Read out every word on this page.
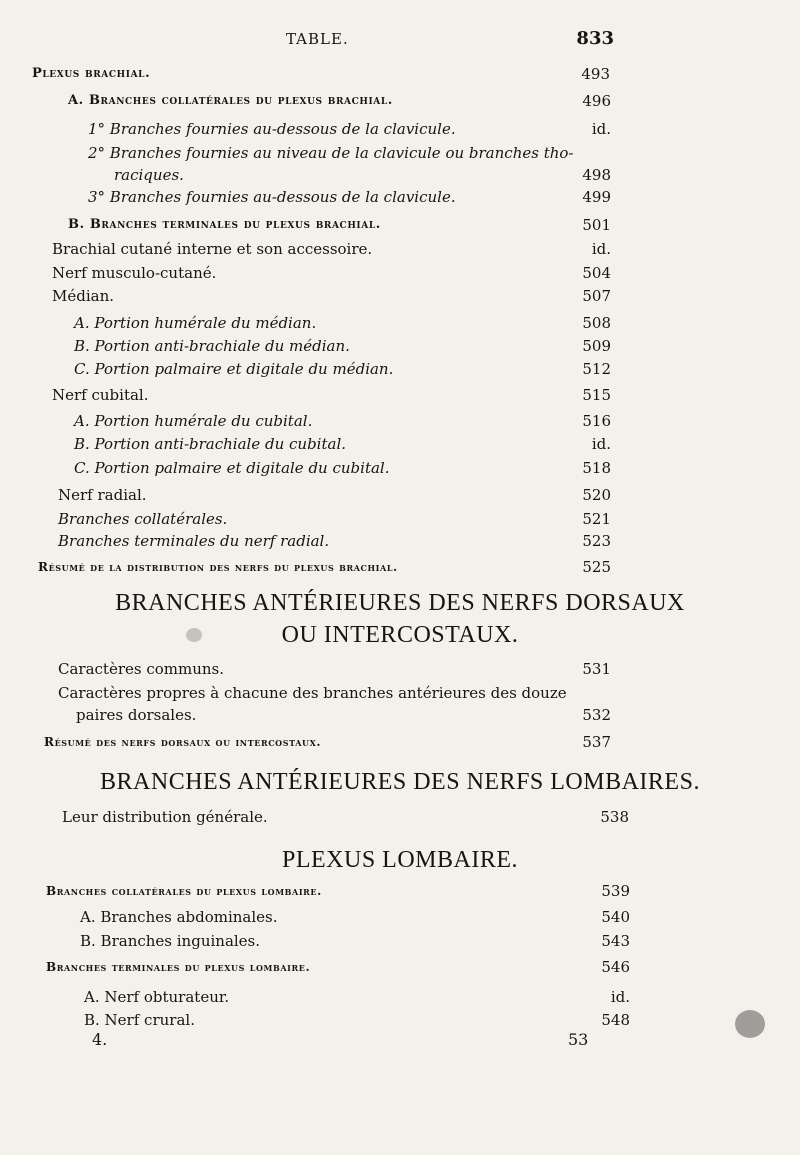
TABLE.	833
Plexus brachial.	493
A. Branches collatérales du plexus brachial.	496
1° Branches fournies au-dessous de la clavicule.	id.
2° Branches fournies au niveau de la clavicule ou branches tho-
raciques.	498
3° Branches fournies au-dessous de la clavicule.	499
B. Branches terminales du plexus brachial.	501
Brachial cutané interne et son accessoire.	id.
Nerf musculo-cutané.	504
Médian.	507
A. Portion humérale du médian.	508
B. Portion anti-brachiale du médian.	509
C. Portion palmaire et digitale du médian.	512
Nerf cubital.	515
A. Portion humérale du cubital.	516
B. Portion anti-brachiale du cubital.	id.
C. Portion palmaire et digitale du cubital.	518
Nerf radial.	520
Branches collatérales.	521
Branches terminales du nerf radial.	523
Résumé de la distribution des nerfs du plexus brachial.	525
BRANCHES ANTÉRIEURES DES NERFS DORSAUX
OU INTERCOSTAUX.
Caractères communs.	531
Caractères propres à chacune des branches antérieures des douze
paires dorsales.	532
Résumé des nerfs dorsaux ou intercostaux.	537
BRANCHES ANTÉRIEURES DES NERFS LOMBAIRES.
Leur distribution générale.	538
PLEXUS LOMBAIRE.
Branches collatérales du plexus lombaire.	539
A. Branches abdominales.	540
B. Branches inguinales.	543
Branches terminales du plexus lombaire.	546
A. Nerf obturateur.	id.
B. Nerf crural.	548
4.	53
